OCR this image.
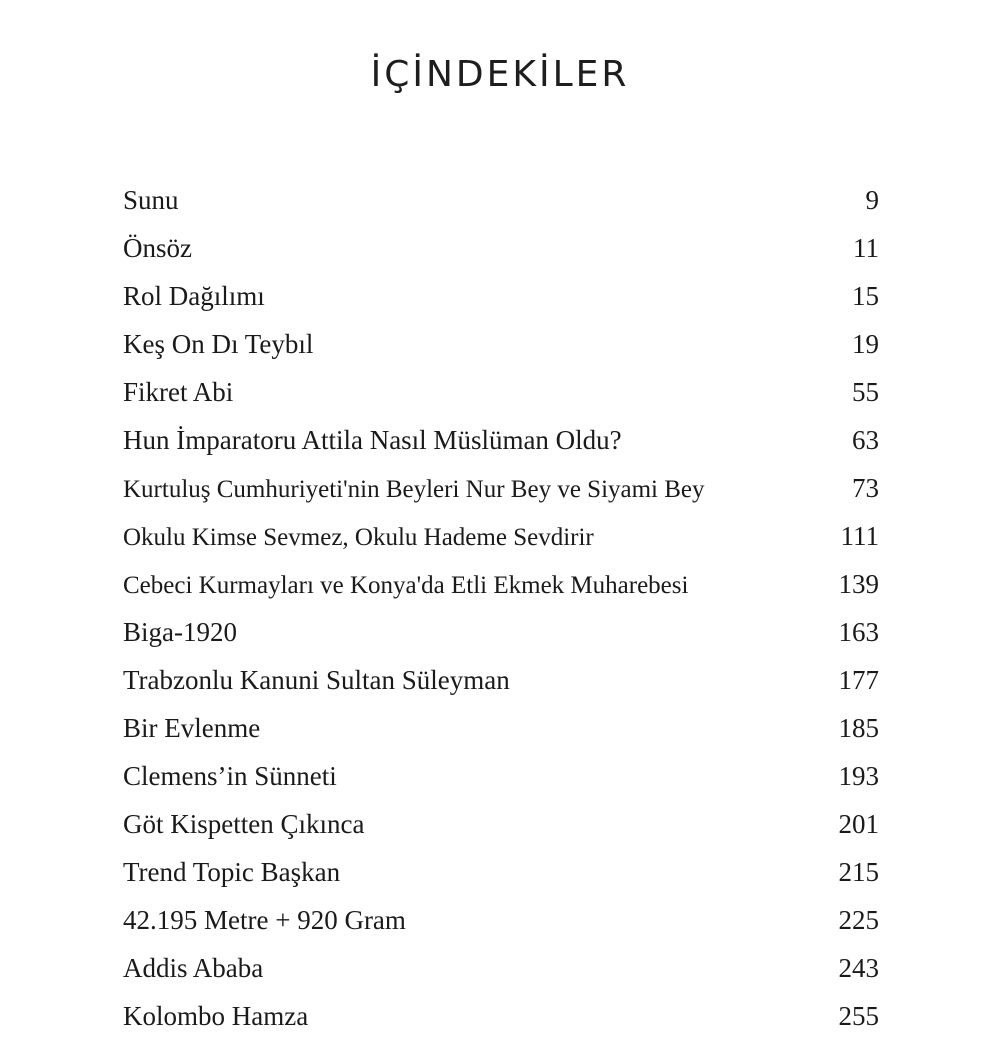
İÇİNDEKİLER
Sunu	9
Önsöz	11
Rol Dağılımı	15
Keş On Dı Teybıl	19
Fikret Abi	55
Hun İmparatoru Attila Nasıl Müslüman Oldu?	63
Kurtuluş Cumhuriyeti'nin Beyleri Nur Bey ve Siyami Bey	73
Okulu Kimse Sevmez, Okulu Hademe Sevdirir	111
Cebeci Kurmayları ve Konya'da Etli Ekmek Muharebesi	139
Biga-1920	163
Trabzonlu Kanuni Sultan Süleyman	177
Bir Evlenme	185
Clemens’in Sünneti	193
Göt Kispetten Çıkınca	201
Trend Topic Başkan	215
42.195 Metre + 920 Gram	225
Addis Ababa	243
Kolombo Hamza	255
